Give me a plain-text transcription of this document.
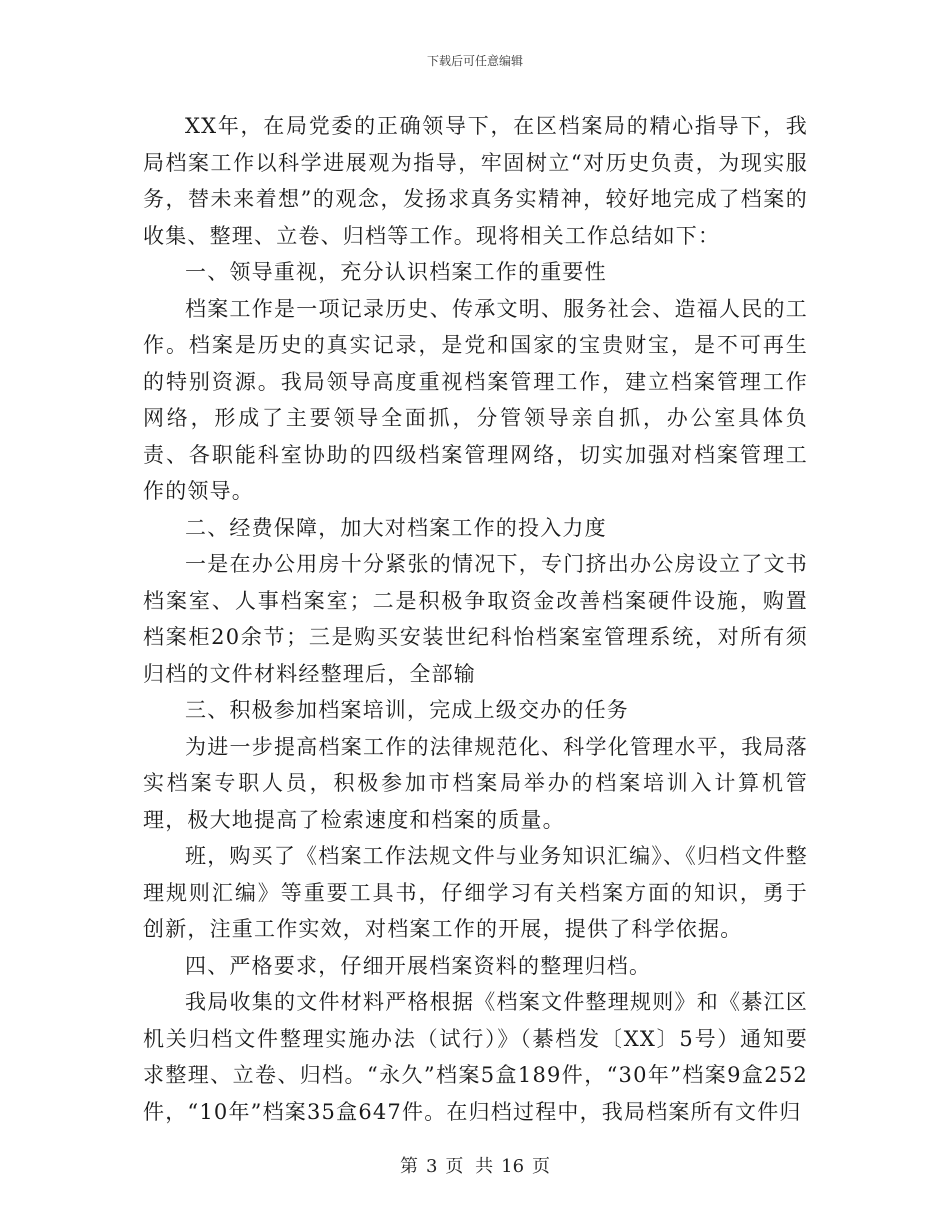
下载后可任意编辑

XX年，在局党委的正确领导下，在区档案局的精心指导下，我局档案工作以科学进展观为指导，牢固树立“对历史负责，为现实服务，替未来着想”的观念，发扬求真务实精神，较好地完成了档案的收集、整理、立卷、归档等工作。现将相关工作总结如下：

一、领导重视，充分认识档案工作的重要性

档案工作是一项记录历史、传承文明、服务社会、造福人民的工作。档案是历史的真实记录，是党和国家的宝贵财宝，是不可再生的特别资源。我局领导高度重视档案管理工作，建立档案管理工作网络，形成了主要领导全面抓，分管领导亲自抓，办公室具体负责、各职能科室协助的四级档案管理网络，切实加强对档案管理工作的领导。

二、经费保障，加大对档案工作的投入力度

一是在办公用房十分紧张的情况下，专门挤出办公房设立了文书档案室、人事档案室；二是积极争取资金改善档案硬件设施，购置档案柜20余节；三是购买安装世纪科怡档案室管理系统，对所有须归档的文件材料经整理后，全部输

三、积极参加档案培训，完成上级交办的任务

为进一步提高档案工作的法律规范化、科学化管理水平，我局落实档案专职人员，积极参加市档案局举办的档案培训入计算机管理，极大地提高了检索速度和档案的质量。

班，购买了《档案工作法规文件与业务知识汇编》、《归档文件整理规则汇编》等重要工具书，仔细学习有关档案方面的知识，勇于创新，注重工作实效，对档案工作的开展，提供了科学依据。

四、严格要求，仔细开展档案资料的整理归档。

我局收集的文件材料严格根据《档案文件整理规则》和《綦江区机关归档文件整理实施办法（试行）》（綦档发〔XX〕5号）通知要求整理、立卷、归档。“永久”档案5盒189件，“30年”档案9盒252件，“10年”档案35盒647件。在归档过程中，我局档案所有文件归

第 3 页 共 16 页
